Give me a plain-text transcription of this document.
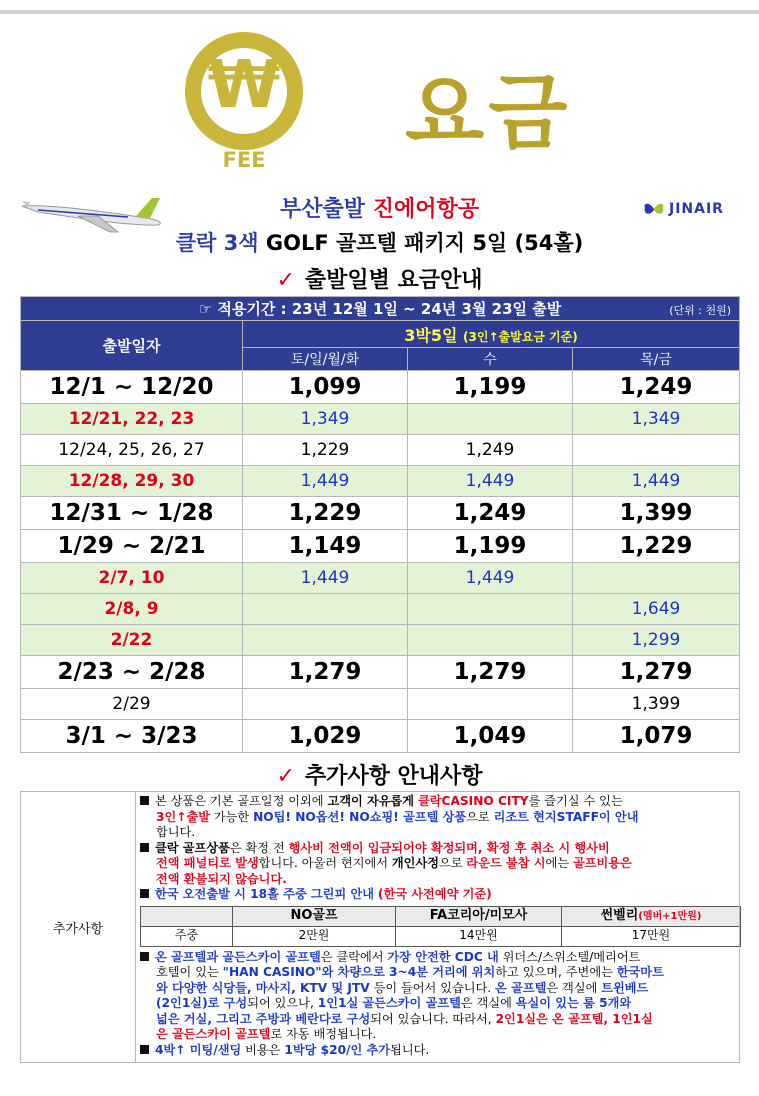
₩
FEE 요금
부산출발 진에어항공
클락 3색 GOLF 골프텔 패키지 5일 (54홀)
JINAIR
✓ 출발일별 요금안내
☞ 적용기간 : 23년 12월 1일 ~ 24년 3월 23일 출발 (단위 : 천원)			

출발일자	3박5일 (3인↑출발요금 기준)		
	토/일/월/화	수	목/금
12/1 ~ 12/20	1,099	1,199	1,249
12/21, 22, 23	1,349		1,349
12/24, 25, 26, 27	1,229	1,249	
12/28, 29, 30	1,449	1,449	1,449
12/31 ~ 1/28	1,229	1,249	1,399
1/29 ~ 2/21	1,149	1,199	1,229
2/7, 10	1,449	1,449	
2/8, 9			1,649
2/22			1,299
2/23 ~ 2/28	1,279	1,279	1,279
2/29			1,399
3/1 ~ 3/23	1,029	1,049	1,079
✓ 추가사항 안내사항
추가사항	

본 상품은 기본 골프일정 이외에 고객이 자유롭게 클락CASINO CITY를 즐기실 수 있는

3인↑출발 가능한 NO팁! NO옵션! NO쇼핑! 골프텔 상품으로 리조트 현지STAFF이 안내

합니다.

클락 골프상품은 확정 전 행사비 전액이 입금되어야 확정되며, 확정 후 취소 시 행사비

전액 패널티로 발생합니다. 아울러 현지에서 개인사정으로 라운드 불참 시에는 골프비용은

전액 환불되지 않습니다.

한국 오전출발 시 18홀 주중 그린피 안내 (한국 사전예약 기준)

	NO골프	FA코리아/미모사	썬벨리(멤버+1만원)
주중	2만원	14만원	17만원

온 골프텔과 골든스카이 골프텔은 클락에서 가장 안전한 CDC 내 위더스/스위소텔/메리어트

호텔이 있는 "HAN CASINO"와 차량으로 3~4분 거리에 위치하고 있으며, 주변에는 한국마트

와 다양한 식당들, 마사지, KTV 및 JTV 등이 들어서 있습니다. 온 골프텔은 객실에 트윈베드

(2인1실)로 구성되어 있으나, 1인1실 골든스카이 골프텔은 객실에 욕실이 있는 룸 5개와

넓은 거실, 그리고 주방과 베란다로 구성되어 있습니다. 따라서, 2인1실은 온 골프텔, 1인1실

은 골든스카이 골프텔로 자동 배정됩니다.

4박↑ 미팅/샌딩 비용은 1박당 $20/인 추가됩니다.
